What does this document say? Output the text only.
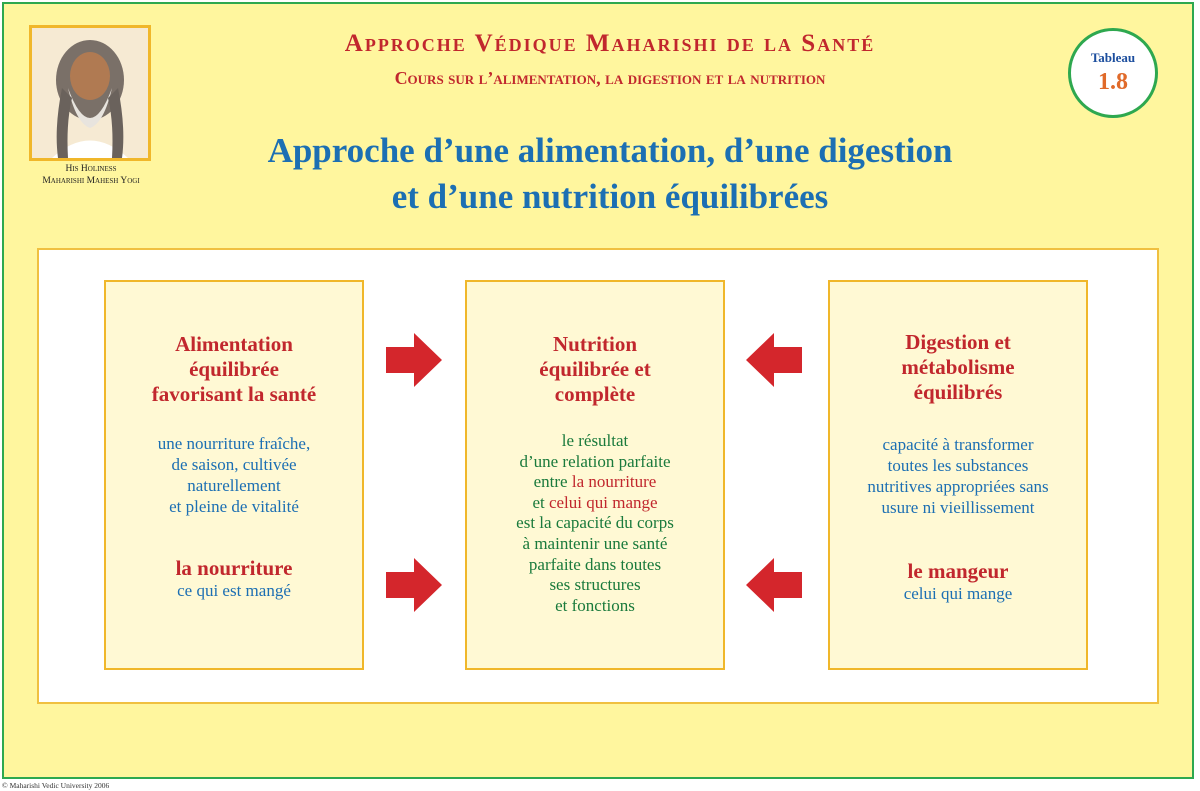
His Holiness
Maharishi Mahesh Yogi
Approche Védique Maharishi de la Santé
Cours sur l’alimentation, la digestion et la nutrition
Tableau
1.8
Approche d’une alimentation, d’une digestion
et d’une nutrition équilibrées
Alimentation
équilibrée
favorisant la santé
une nourriture fraîche,
de saison, cultivée
naturellement
et pleine de vitalité
la nourriture
ce qui est mangé
Nutrition
équilibrée et
complète
le résultat
d’une relation parfaite
entre la nourriture
et celui qui mange
est la capacité du corps
à maintenir une santé
parfaite dans toutes
ses structures
et fonctions
Digestion et
métabolisme
équilibrés
capacité à transformer
toutes les substances
nutritives appropriées sans
usure ni vieillissement
le mangeur
celui qui mange
© Maharishi Vedic University 2006
